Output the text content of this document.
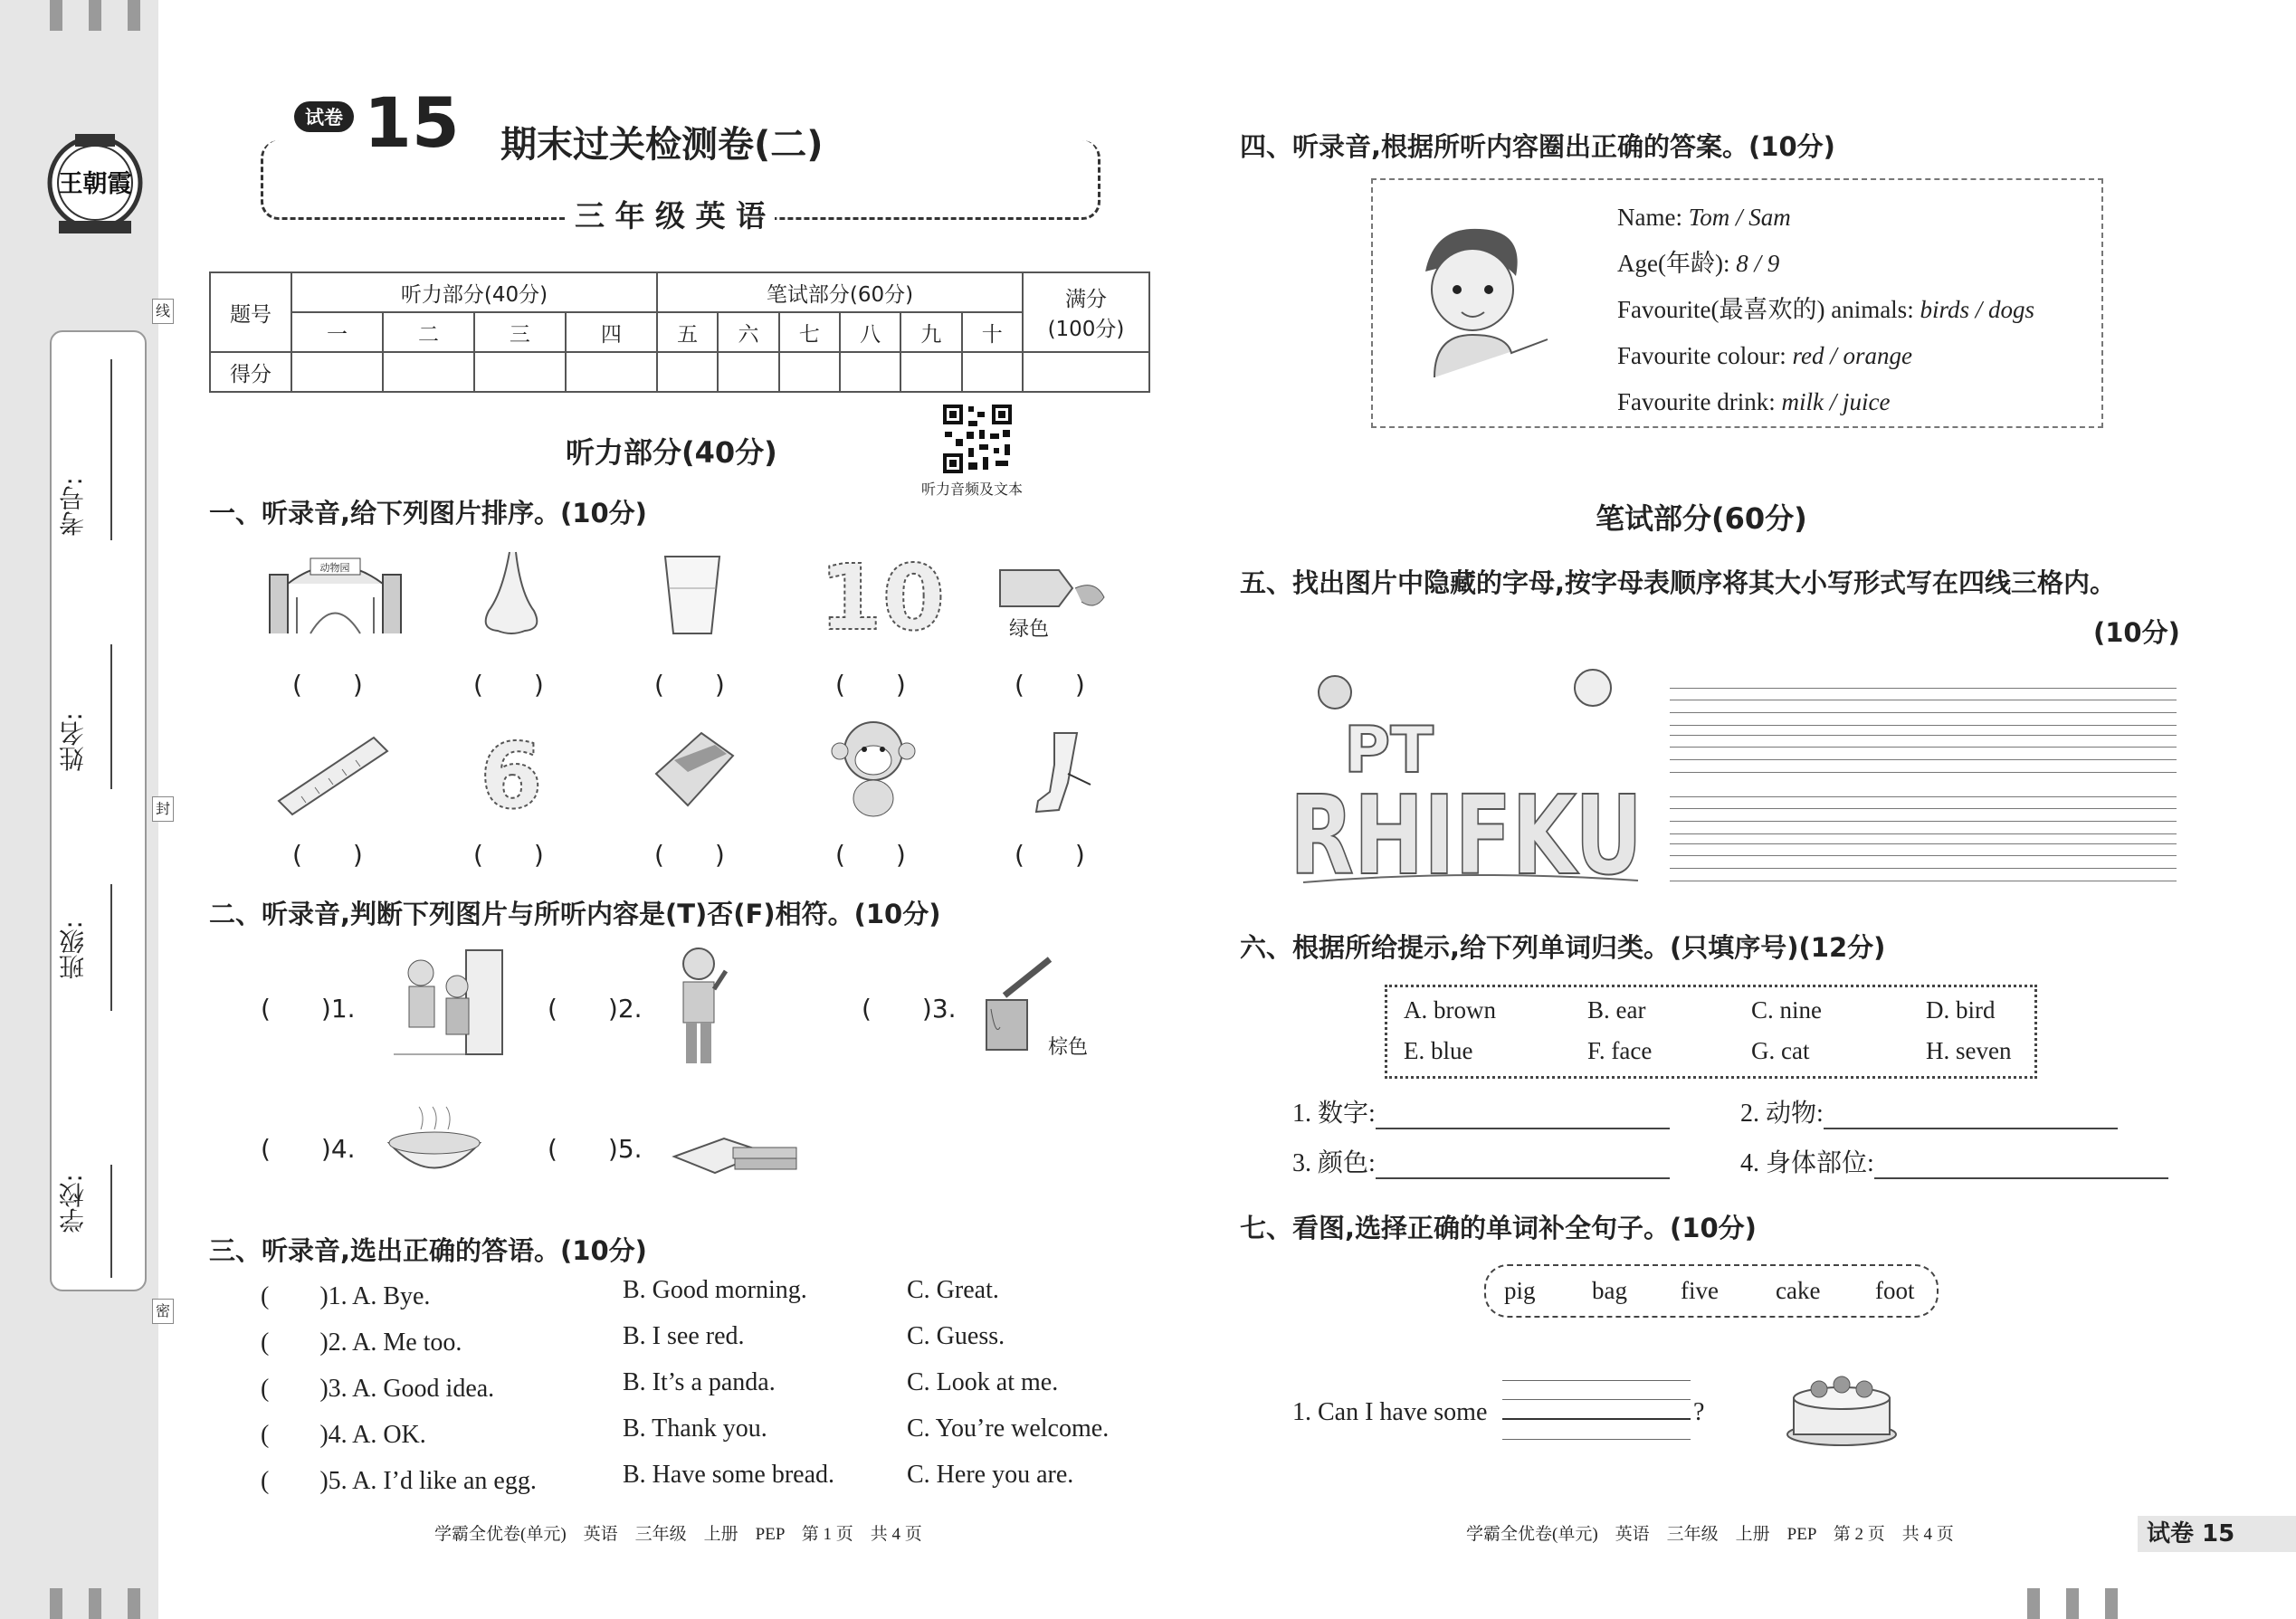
王朝霞
学校:
班级:
姓名:
考号:
线
封
密
试卷 15 期末过关检测卷(二)
三 年 级 英 语
题号	听力部分(40分)				笔试部分(60分)						满分
(100分)

	一	二	三	四	五	六	七	八	九	十	
得分											
听力部分(40分)
听力音频及文本
一、听录音,给下列图片排序。(10分)
动物园	10	绿色
(　　)	(　　)	(　　)	(　　)	(　　)
6
(　　)	(　　)	(　　)	(　　)	(　　)
二、听录音,判断下列图片与所听内容是(T)否(F)相符。(10分)
(　　)1.	(　　)2.	(　　)3.
棕色
(　　)4.	(　　)5.
三、听录音,选出正确的答语。(10分)
(　　)1. A. Bye.	B. Good morning.	C. Great.
(　　)2. A. Me too.	B. I see red.	C. Guess.
(　　)3. A. Good idea.	B. It’s a panda.	C. Look at me.
(　　)4. A. OK.	B. Thank you.	C. You’re welcome.
(　　)5. A. I’d like an egg.	B. Have some bread.	C. Here you are.
学霸全优卷(单元)　英语　三年级　上册　PEP　第 1 页　共 4 页
四、听录音,根据所听内容圈出正确的答案。(10分)
Name: Tom / Sam
Age(年龄): 8 / 9
Favourite(最喜欢的) animals: birds / dogs
Favourite colour: red / orange
Favourite drink: milk / juice
笔试部分(60分)
五、找出图片中隐藏的字母,按字母表顺序将其大小写形式写在四线三格内。
(10分)
PT
RHIFKU
六、根据所给提示,给下列单词归类。(只填序号)(12分)
A. brown	B. ear	C. nine	D. bird
E. blue	F. face	G. cat	H. seven
1. 数字:	2. 动物:
3. 颜色:	4. 身体部位:
七、看图,选择正确的单词补全句子。(10分)
pig bag five cake foot
1. Can I have some	?
学霸全优卷(单元)　英语　三年级　上册　PEP　第 2 页　共 4 页	试卷 15
